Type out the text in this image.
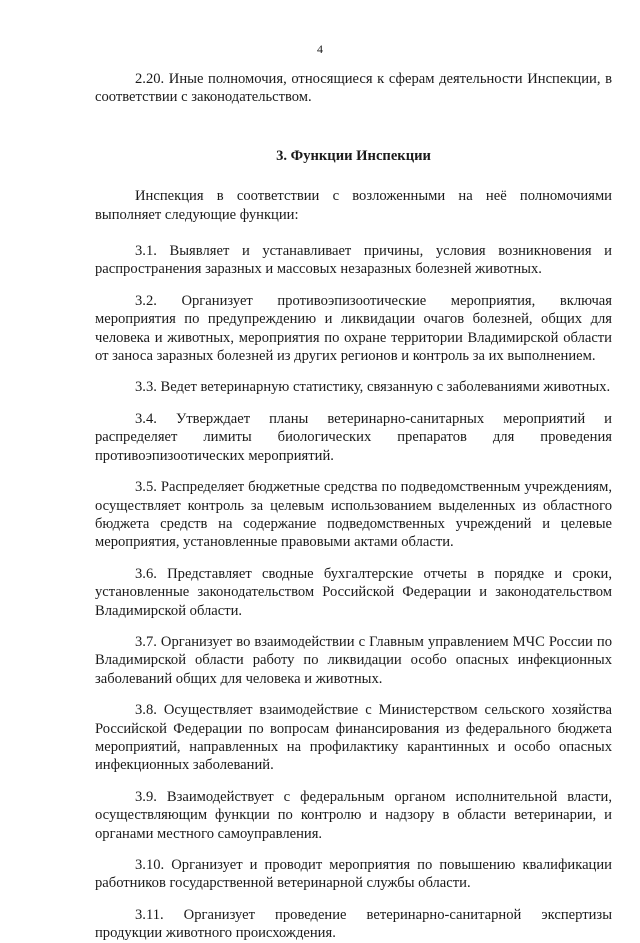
4

2.20. Иные полномочия, относящиеся к сферам деятельности Инспекции, в соответствии с законодательством.

3. Функции Инспекции

Инспекция в соответствии с возложенными на неё полномочиями выполняет следующие функции:

3.1. Выявляет и устанавливает причины, условия возникновения и распространения заразных и массовых незаразных болезней животных.

3.2. Организует противоэпизоотические мероприятия, включая мероприятия по предупреждению и ликвидации очагов болезней, общих для человека и животных, мероприятия по охране территории Владимирской области от заноса заразных болезней из других регионов и контроль за их выполнением.

3.3. Ведет ветеринарную статистику, связанную с заболеваниями животных.

3.4. Утверждает планы ветеринарно-санитарных мероприятий и распределяет лимиты биологических препаратов для проведения противоэпизоотических мероприятий.

3.5. Распределяет бюджетные средства по подведомственным учреждениям, осуществляет контроль за целевым использованием выделенных из областного бюджета средств на содержание подведомственных учреждений и целевые мероприятия, установленные правовыми актами области.

3.6. Представляет сводные бухгалтерские отчеты в порядке и сроки, установленные законодательством Российской Федерации и законодательством Владимирской области.

3.7. Организует во взаимодействии с Главным управлением МЧС России по Владимирской области работу по ликвидации особо опасных инфекционных заболеваний общих для человека и животных.

3.8. Осуществляет взаимодействие с Министерством сельского хозяйства Российской Федерации по вопросам финансирования из федерального бюджета мероприятий, направленных на профилактику карантинных и особо опасных инфекционных заболеваний.

3.9. Взаимодействует с федеральным органом исполнительной власти, осуществляющим функции по контролю и надзору в области ветеринарии, и органами местного самоуправления.

3.10. Организует и проводит мероприятия по повышению квалификации работников государственной ветеринарной службы области.

3.11. Организует проведение ветеринарно-санитарной экспертизы продукции животного происхождения.
